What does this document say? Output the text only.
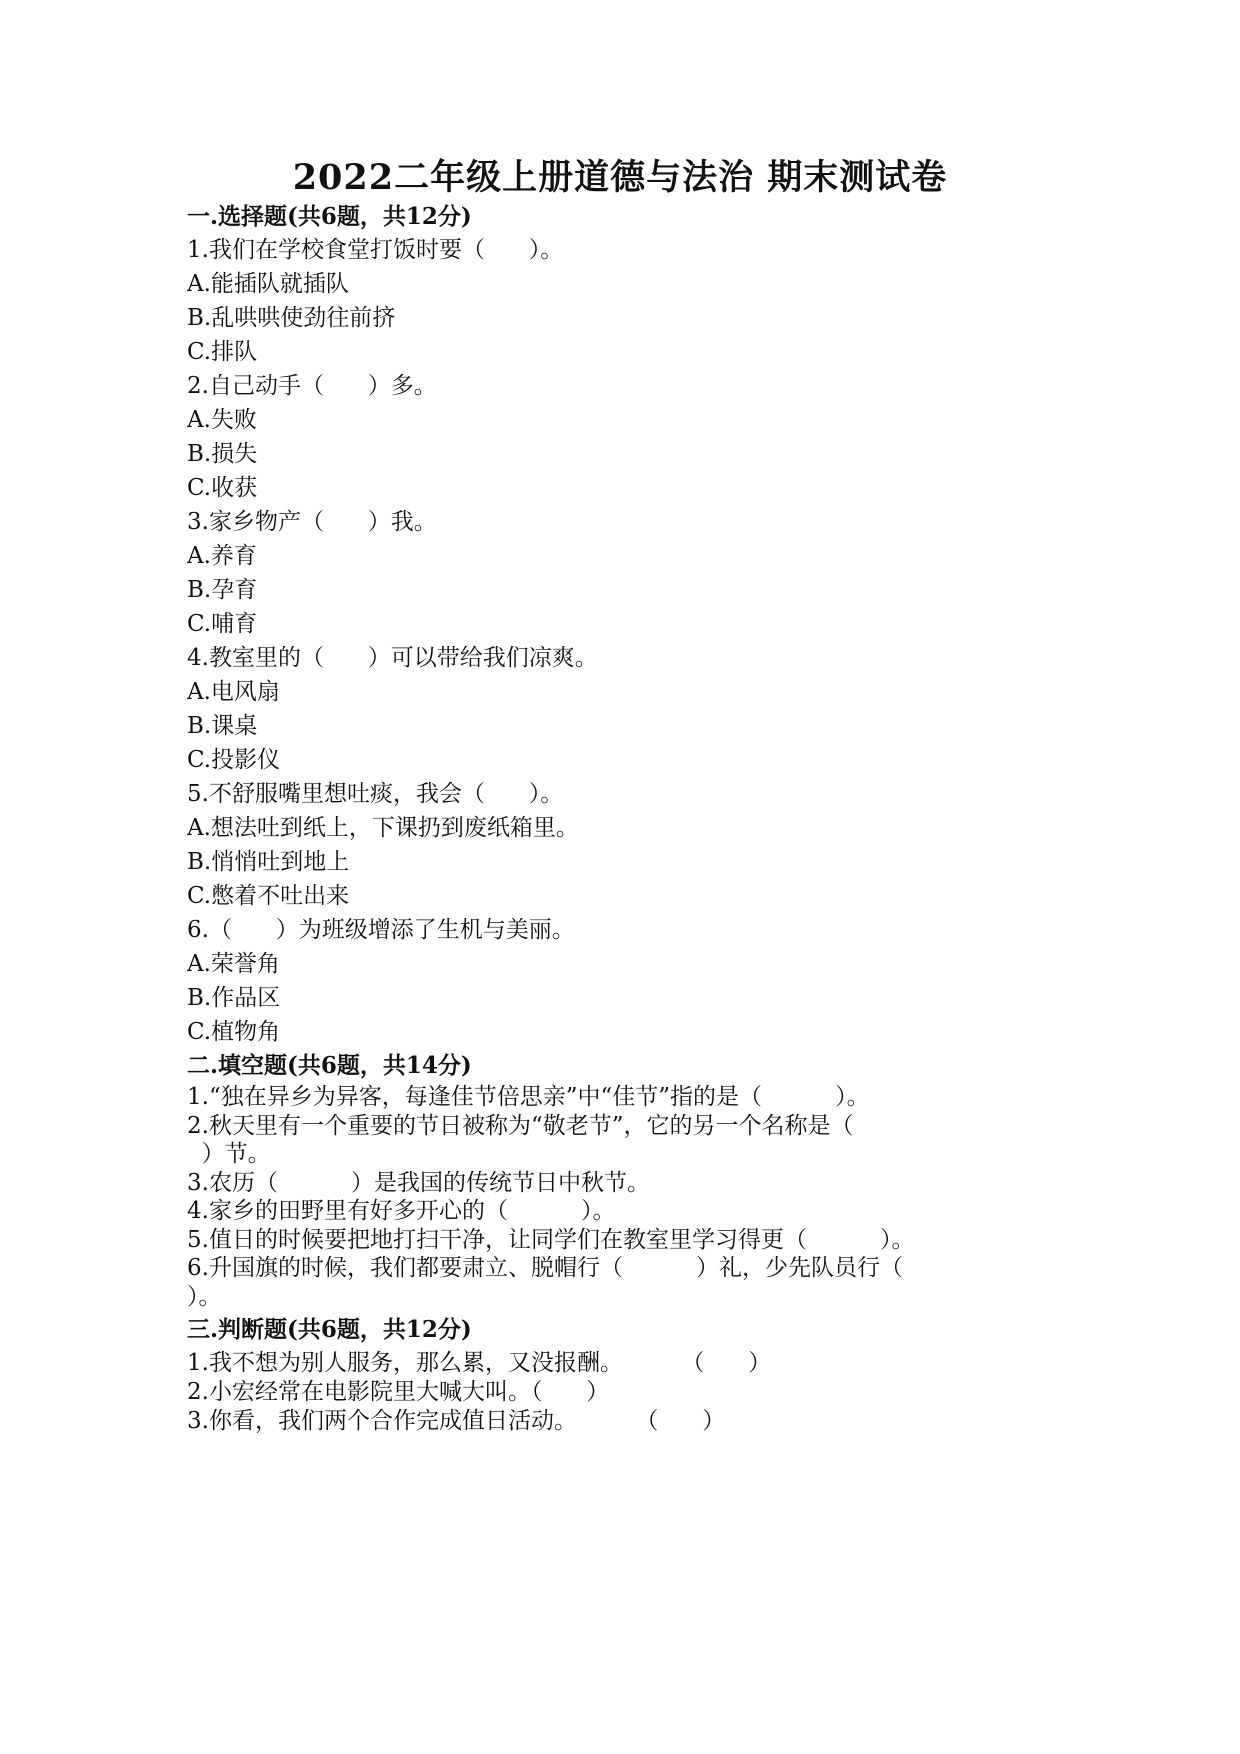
2022二年级上册道德与法治 期末测试卷
一.选择题(共6题，共12分)
1.我们在学校食堂打饭时要（      ）。
A.能插队就插队
B.乱哄哄使劲往前挤
C.排队
2.自己动手（      ）多。
A.失败
B.损失
C.收获
3.家乡物产（      ）我。
A.养育
B.孕育
C.哺育
4.教室里的（      ）可以带给我们凉爽。
A.电风扇
B.课桌
C.投影仪
5.不舒服嘴里想吐痰，我会（      ）。
A.想法吐到纸上，下课扔到废纸箱里。
B.悄悄吐到地上
C.憋着不吐出来
6.（      ）为班级增添了生机与美丽。
A.荣誉角
B.作品区
C.植物角
二.填空题(共6题，共14分)
1.“独在异乡为异客，每逢佳节倍思亲”中“佳节”指的是（          ）。
2.秋天里有一个重要的节日被称为“敬老节”，它的另一个名称是（
）节。
3.农历（          ）是我国的传统节日中秋节。
4.家乡的田野里有好多开心的（          ）。
5.值日的时候要把地打扫干净，让同学们在教室里学习得更（          ）。
6.升国旗的时候，我们都要肃立、脱帽行（          ）礼，少先队员行（
）。
三.判断题(共6题，共12分)
1.我不想为别人服务，那么累，又没报酬。        （      ）
2.小宏经常在电影院里大喊大叫。（      ）
3.你看，我们两个合作完成值日活动。        （      ）
